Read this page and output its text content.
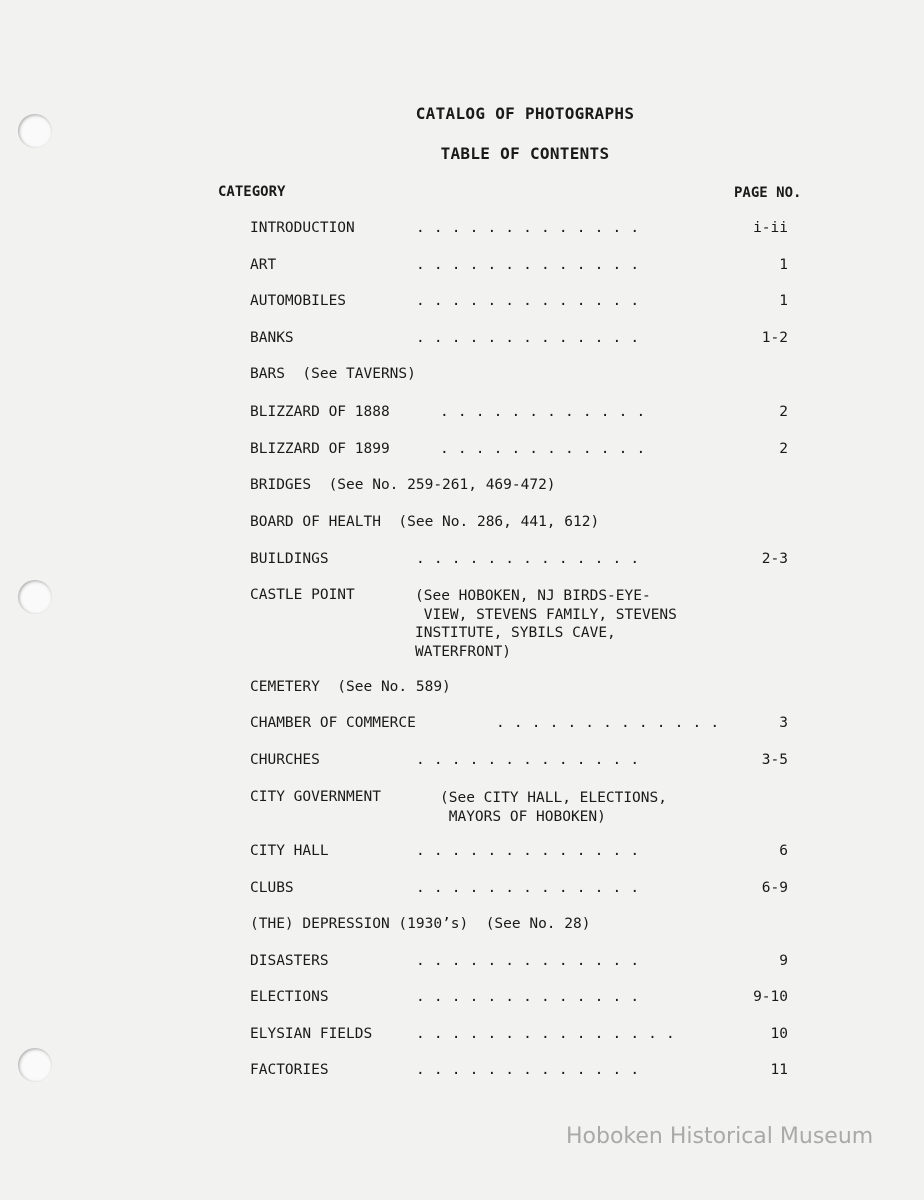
CATALOG OF PHOTOGRAPHS
TABLE OF CONTENTS
CATEGORY	PAGE NO.
INTRODUCTION	. . . . . . . . . . . . .	i-ii
ART	. . . . . . . . . . . . .	1
AUTOMOBILES	. . . . . . . . . . . . .	1
BANKS	. . . . . . . . . . . . .	1-2
BARS  (See TAVERNS)
BLIZZARD OF 1888	. . . . . . . . . . . .	2
BLIZZARD OF 1899	. . . . . . . . . . . .	2
BRIDGES  (See No. 259-261, 469-472)
BOARD OF HEALTH  (See No. 286, 441, 612)
BUILDINGS	. . . . . . . . . . . . .	2-3
CASTLE POINT	(See HOBOKEN, NJ BIRDS-EYE-
VIEW, STEVENS FAMILY, STEVENS
INSTITUTE, SYBILS CAVE,
WATERFRONT)
CEMETERY  (See No. 589)
CHAMBER OF COMMERCE	. . . . . . . . . . . . .	3
CHURCHES	. . . . . . . . . . . . .	3-5
CITY GOVERNMENT	(See CITY HALL, ELECTIONS,
MAYORS OF HOBOKEN)
CITY HALL	. . . . . . . . . . . . .	6
CLUBS	. . . . . . . . . . . . .	6-9
(THE) DEPRESSION (1930’s)  (See No. 28)
DISASTERS	. . . . . . . . . . . . .	9
ELECTIONS	. . . . . . . . . . . . .	9-10
ELYSIAN FIELDS	. . . . . . . . . . . . . . .	10
FACTORIES	. . . . . . . . . . . . .	11
Hoboken Historical Museum
